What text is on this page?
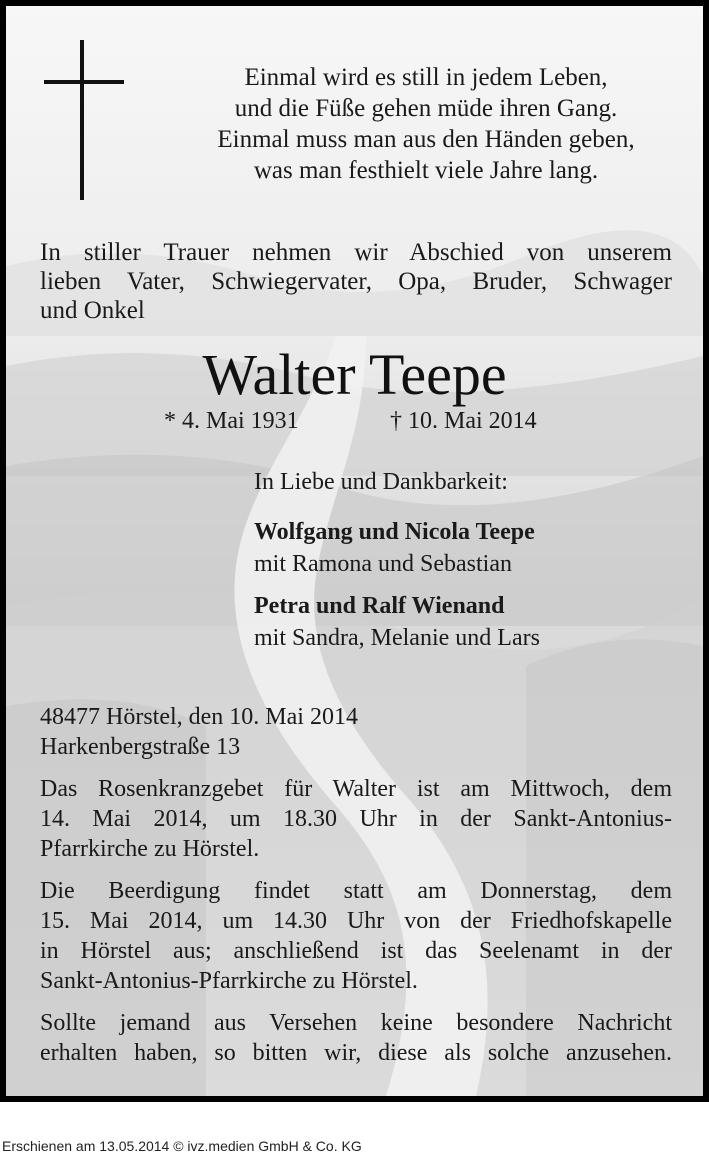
Einmal wird es still in jedem Leben,
und die Füße gehen müde ihren Gang.
Einmal muss man aus den Händen geben,
was man festhielt viele Jahre lang.
In stiller Trauer nehmen wir Abschied von unserem
lieben Vater, Schwiegervater, Opa, Bruder, Schwager
und Onkel
Walter Teepe
* 4. Mai 1931	† 10. Mai 2014
In Liebe und Dankbarkeit:
Wolfgang und Nicola Teepe
mit Ramona und Sebastian
Petra und Ralf Wienand
mit Sandra, Melanie und Lars
48477 Hörstel, den 10. Mai 2014
Harkenbergstraße 13
Das Rosenkranzgebet für Walter ist am Mittwoch, dem
14. Mai 2014, um 18.30 Uhr in der Sankt-Antonius-
Pfarrkirche zu Hörstel.
Die Beerdigung findet statt am Donnerstag, dem
15. Mai 2014, um 14.30 Uhr von der Friedhofskapelle
in Hörstel aus; anschließend ist das Seelenamt in der
Sankt-Antonius-Pfarrkirche zu Hörstel.
Sollte jemand aus Versehen keine besondere Nachricht
erhalten haben, so bitten wir, diese als solche anzusehen.
Erschienen am 13.05.2014 © ivz.medien GmbH & Co. KG
